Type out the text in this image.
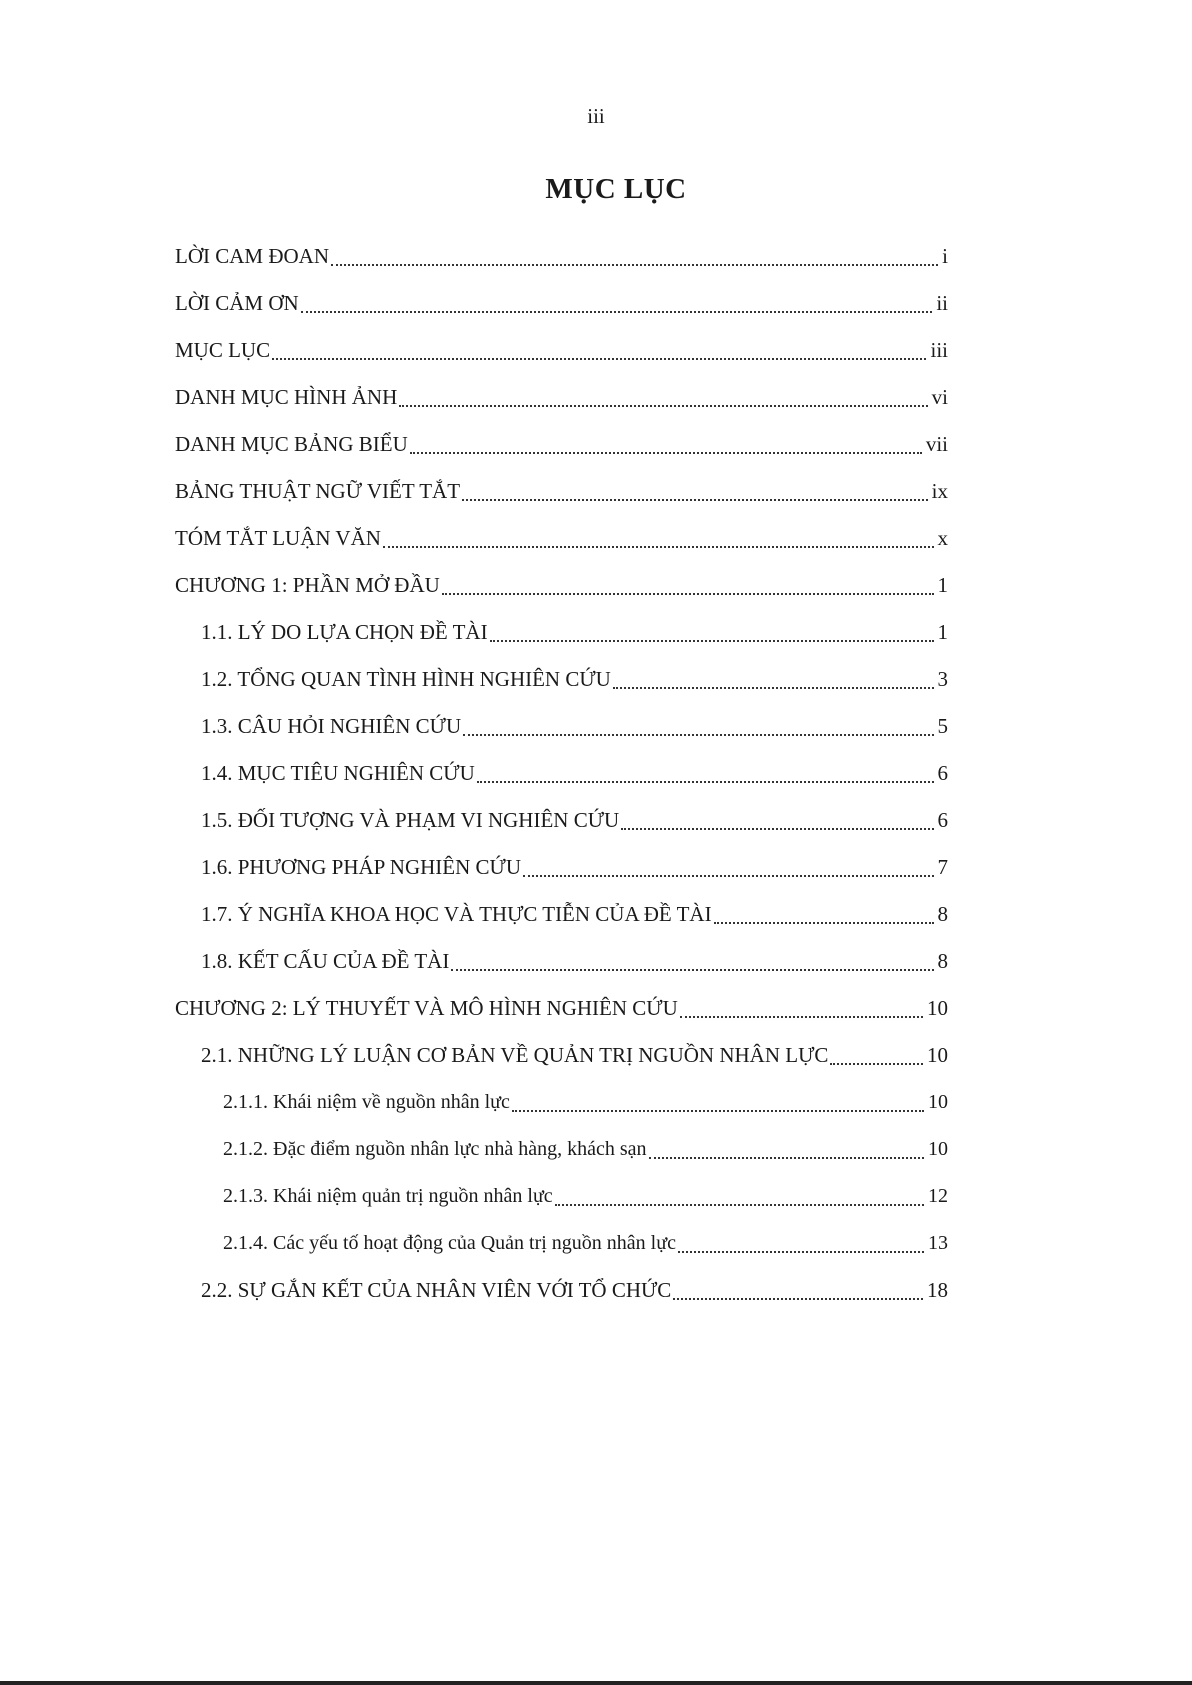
iii
MỤC LỤC
LỜI CAM ĐOAN	i
LỜI CẢM ƠN	ii
MỤC LỤC	iii
DANH MỤC HÌNH ẢNH	vi
DANH MỤC BẢNG BIỂU	vii
BẢNG THUẬT NGỮ VIẾT TẮT	ix
TÓM TẮT LUẬN VĂN	x
CHƯƠNG 1: PHẦN MỞ ĐẦU	1
1.1. LÝ DO LỰA CHỌN ĐỀ TÀI	1
1.2. TỔNG QUAN TÌNH HÌNH NGHIÊN CỨU	3
1.3. CÂU HỎI NGHIÊN CỨU	5
1.4. MỤC TIÊU NGHIÊN CỨU	6
1.5. ĐỐI TƯỢNG VÀ PHẠM VI NGHIÊN CỨU	6
1.6. PHƯƠNG PHÁP NGHIÊN CỨU	7
1.7. Ý NGHĨA KHOA HỌC VÀ THỰC TIỄN CỦA ĐỀ TÀI	8
1.8. KẾT CẤU CỦA ĐỀ TÀI	8
CHƯƠNG 2: LÝ THUYẾT VÀ MÔ HÌNH NGHIÊN CỨU	10
2.1. NHỮNG LÝ LUẬN CƠ BẢN VỀ QUẢN TRỊ NGUỒN NHÂN LỰC	10
2.1.1. Khái niệm về nguồn nhân lực	10
2.1.2. Đặc điểm nguồn nhân lực nhà hàng, khách sạn	10
2.1.3. Khái niệm quản trị nguồn nhân lực	12
2.1.4. Các yếu tố hoạt động của Quản trị nguồn nhân lực	13
2.2. SỰ GẮN KẾT CỦA NHÂN VIÊN VỚI TỔ CHỨC	18
